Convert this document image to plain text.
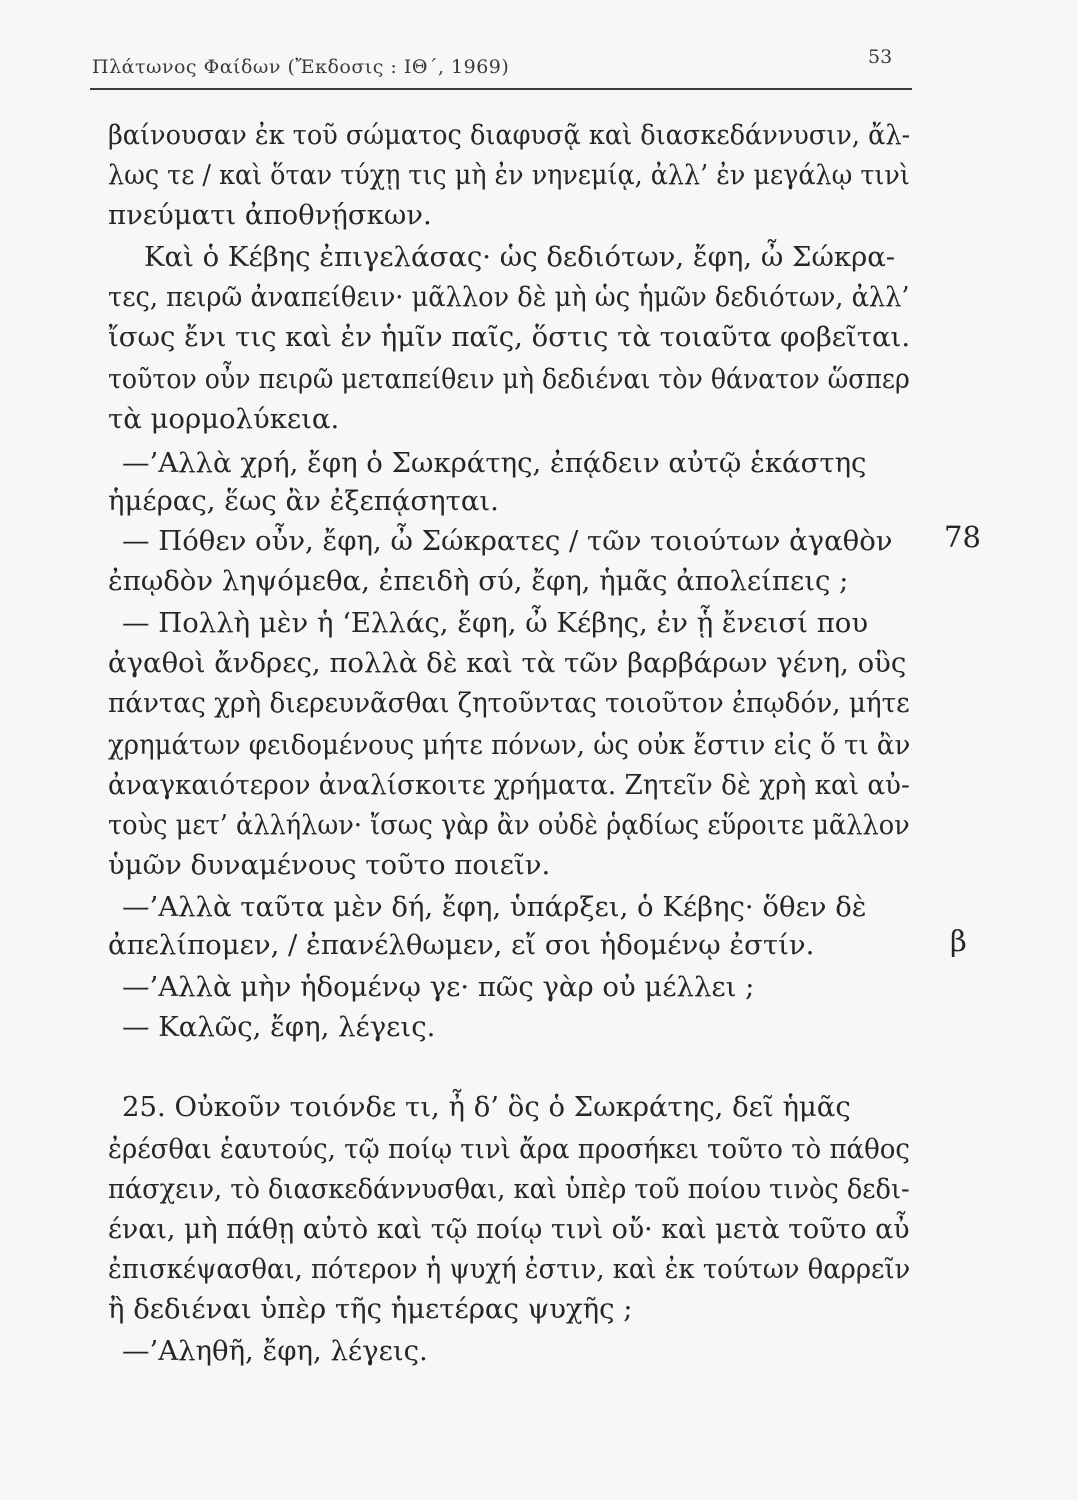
Πλάτωνος Φαίδων (Ἔκδοσις : ΙΘ΄, 1969)	53
βαίνουσαν ἐκ τοῦ σώματος διαφυσᾷ καὶ διασκεδάννυσιν, ἄλ-
λως τε / καὶ ὅταν τύχῃ τις μὴ ἐν νηνεμίᾳ, ἀλλ’ ἐν μεγάλῳ τινὶ
πνεύματι ἀποθνῄσκων.
Καὶ ὁ Κέβης ἐπιγελάσας· ὡς δεδιότων, ἔφη, ὦ Σώκρα-
τες, πειρῶ ἀναπείθειν· μᾶλλον δὲ μὴ ὡς ἡμῶν δεδιότων, ἀλλ’
ἴσως ἔνι τις καὶ ἐν ἡμῖν παῖς, ὅστις τὰ τοιαῦτα φοβεῖται.
τοῦτον οὖν πειρῶ μεταπείθειν μὴ δεδιέναι τὸν θάνατον ὥσπερ
τὰ μορμολύκεια.
—’Αλλὰ χρή, ἔφη ὁ Σωκράτης, ἐπᾴδειν αὐτῷ ἑκάστης
ἡμέρας, ἕως ἂν ἐξεπᾴσηται.
— Πόθεν οὖν, ἔφη, ὦ Σώκρατες / τῶν τοιούτων ἀγαθὸν
ἐπῳδὸν ληψόμεθα, ἐπειδὴ σύ, ἔφη, ἡμᾶς ἀπολείπεις ;
— Πολλὴ μὲν ἡ ‘Ελλάς, ἔφη, ὦ Κέβης, ἐν ᾗ ἔνεισί που
ἀγαθοὶ ἄνδρες, πολλὰ δὲ καὶ τὰ τῶν βαρβάρων γένη, οὓς
πάντας χρὴ διερευνᾶσθαι ζητοῦντας τοιοῦτον ἐπῳδόν, μήτε
χρημάτων φειδομένους μήτε πόνων, ὡς οὐκ ἔστιν εἰς ὅ τι ἂν
ἀναγκαιότερον ἀναλίσκοιτε χρήματα. Ζητεῖν δὲ χρὴ καὶ αὐ-
τοὺς μετ’ ἀλλήλων· ἴσως γὰρ ἂν οὐδὲ ῥᾳδίως εὕροιτε μᾶλλον
ὑμῶν δυναμένους τοῦτο ποιεῖν.
—’Αλλὰ ταῦτα μὲν δή, ἔφη, ὑπάρξει, ὁ Κέβης· ὅθεν δὲ
ἀπελίπομεν, / ἐπανέλθωμεν, εἴ σοι ἡδομένῳ ἐστίν.
—’Αλλὰ μὴν ἡδομένῳ γε· πῶς γὰρ οὐ μέλλει ;
— Καλῶς, ἔφη, λέγεις.
25. Οὐκοῦν τοιόνδε τι, ἦ δ’ ὃς ὁ Σωκράτης, δεῖ ἡμᾶς
ἐρέσθαι ἑαυτούς, τῷ ποίῳ τινὶ ἄρα προσήκει τοῦτο τὸ πάθος
πάσχειν, τὸ διασκεδάννυσθαι, καὶ ὑπὲρ τοῦ ποίου τινὸς δεδι-
έναι, μὴ πάθῃ αὐτὸ καὶ τῷ ποίῳ τινὶ οὔ· καὶ μετὰ τοῦτο αὖ
ἐπισκέψασθαι, πότερον ἡ ψυχή ἐστιν, καὶ ἐκ τούτων θαρρεῖν
ἢ δεδιέναι ὑπὲρ τῆς ἡμετέρας ψυχῆς ;
—’Αληθῆ, ἔφη, λέγεις.
78
β
